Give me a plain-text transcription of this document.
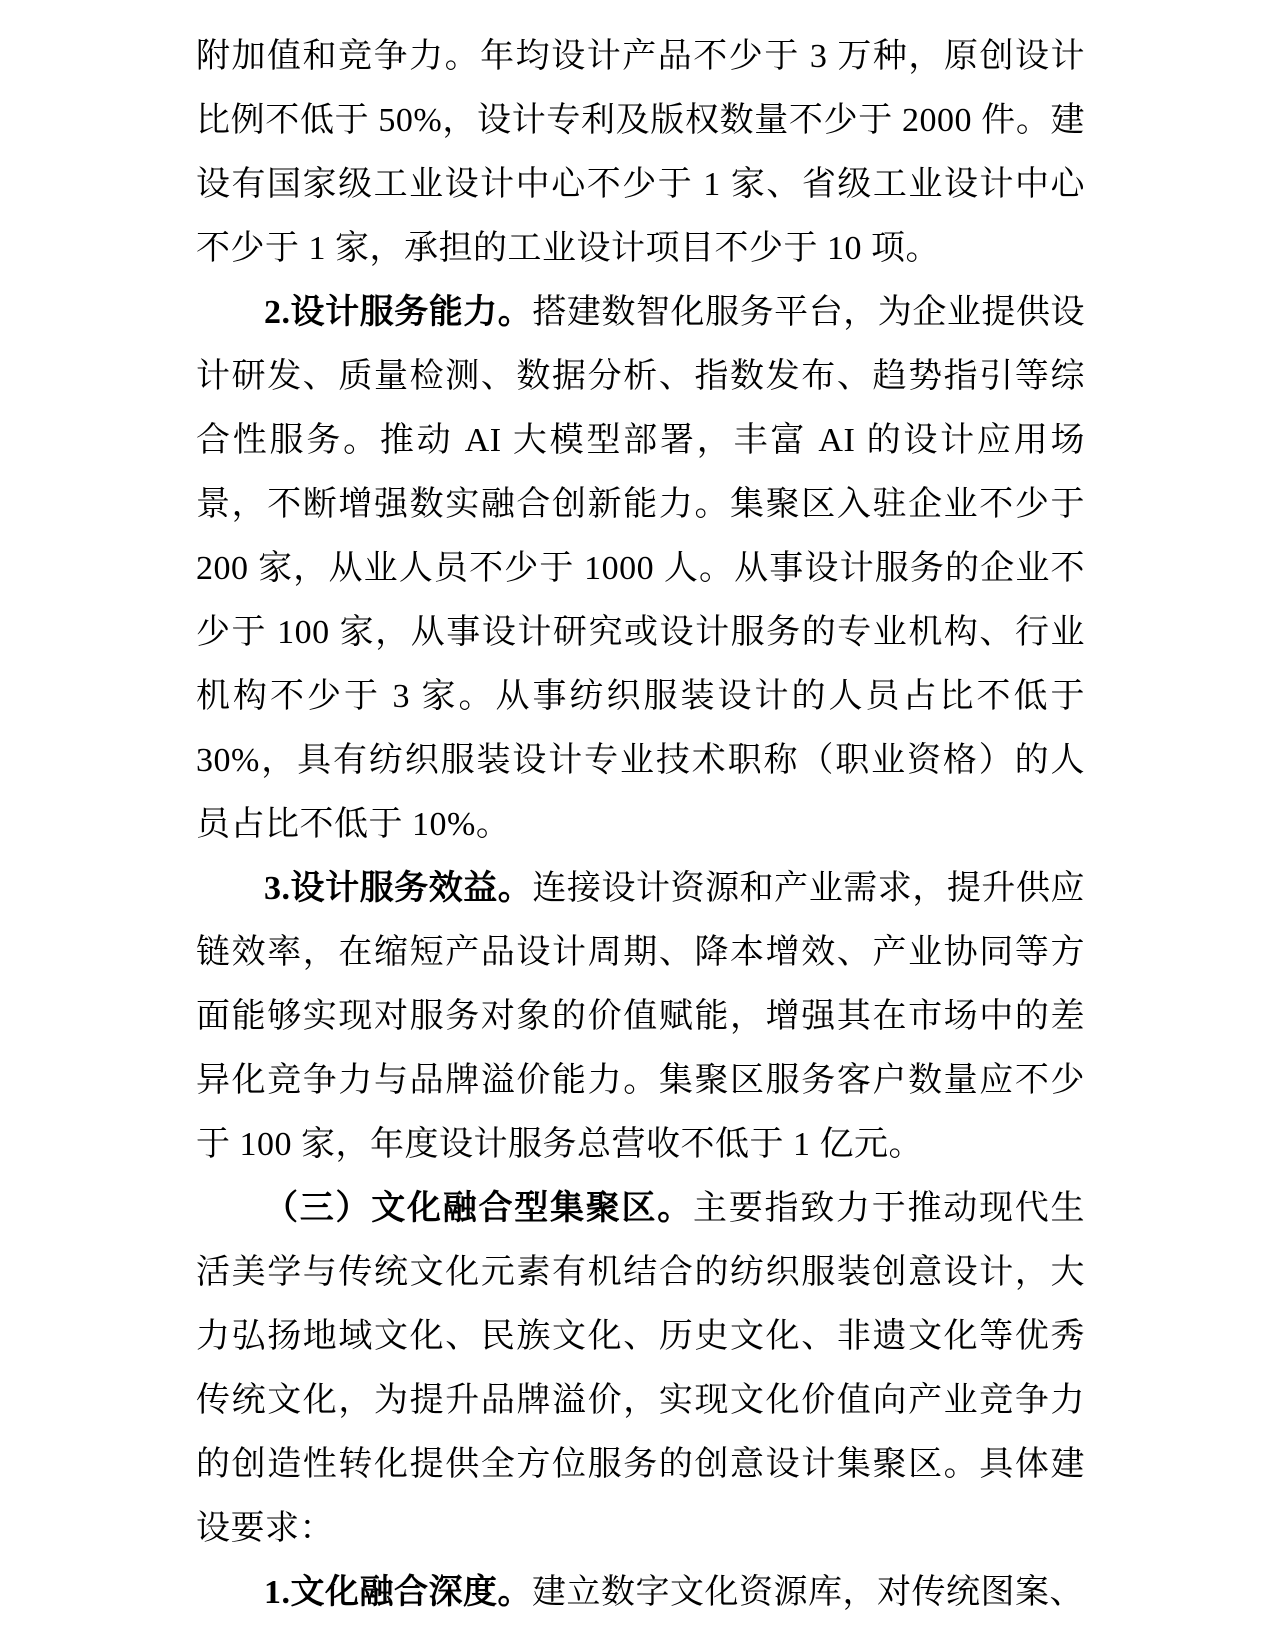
附加值和竞争力。年均设计产品不少于 3 万种，原创设计比例不低于 50%，设计专利及版权数量不少于 2000 件。建设有国家级工业设计中心不少于 1 家、省级工业设计中心不少于 1 家，承担的工业设计项目不少于 10 项。

2.设计服务能力。搭建数智化服务平台，为企业提供设计研发、质量检测、数据分析、指数发布、趋势指引等综合性服务。推动 AI 大模型部署，丰富 AI 的设计应用场景，不断增强数实融合创新能力。集聚区入驻企业不少于 200 家，从业人员不少于 1000 人。从事设计服务的企业不少于 100 家，从事设计研究或设计服务的专业机构、行业机构不少于 3 家。从事纺织服装设计的人员占比不低于 30%，具有纺织服装设计专业技术职称（职业资格）的人员占比不低于 10%。

3.设计服务效益。连接设计资源和产业需求，提升供应链效率，在缩短产品设计周期、降本增效、产业协同等方面能够实现对服务对象的价值赋能，增强其在市场中的差异化竞争力与品牌溢价能力。集聚区服务客户数量应不少于 100 家，年度设计服务总营收不低于 1 亿元。

（三）文化融合型集聚区。主要指致力于推动现代生活美学与传统文化元素有机结合的纺织服装创意设计，大力弘扬地域文化、民族文化、历史文化、非遗文化等优秀传统文化，为提升品牌溢价，实现文化价值向产业竞争力的创造性转化提供全方位服务的创意设计集聚区。具体建设要求：

1.文化融合深度。建立数字文化资源库，对传统图案、
